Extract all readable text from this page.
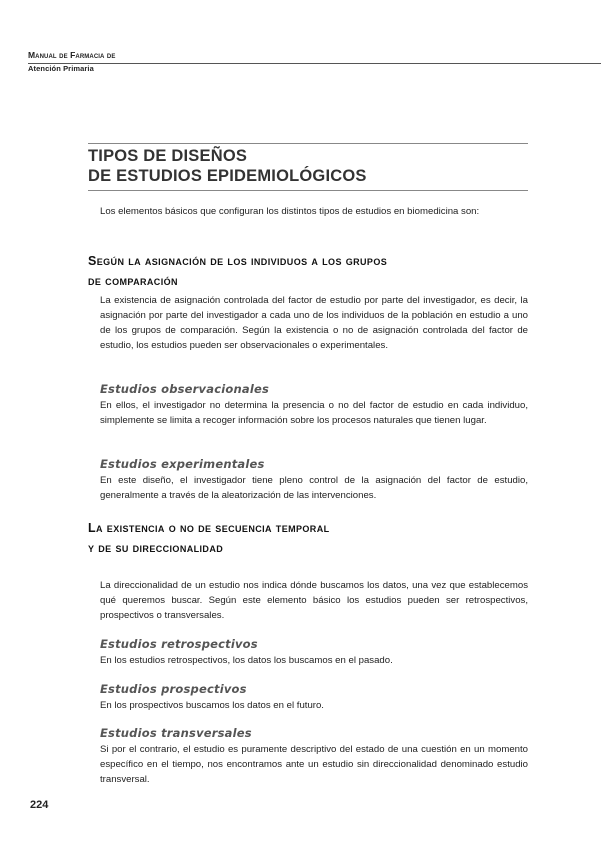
Manual de Farmacia de
Atención Primaria
TIPOS DE DISEÑOS
DE ESTUDIOS EPIDEMIOLÓGICOS
Los elementos básicos que configuran los distintos tipos de estudios en biomedicina son:
Según la asignación de los individuos a los grupos
de comparación
La existencia de asignación controlada del factor de estudio por parte del investigador, es decir, la asignación por parte del investigador a cada uno de los individuos de la población en estudio a uno de los grupos de comparación. Según la existencia o no de asignación controlada del factor de estudio, los estudios pueden ser observacionales o experimentales.
Estudios observacionales
En ellos, el investigador no determina la presencia o no del factor de estudio en cada individuo, simplemente se limita a recoger información sobre los procesos naturales que tienen lugar.
Estudios experimentales
En este diseño, el investigador tiene pleno control de la asignación del factor de estudio, generalmente a través de la aleatorización de las intervenciones.
La existencia o no de secuencia temporal
y de su direccionalidad
La direccionalidad de un estudio nos indica dónde buscamos los datos, una vez que establecemos qué queremos buscar. Según este elemento básico los estudios pueden ser retrospectivos, prospectivos o transversales.
Estudios retrospectivos
En los estudios retrospectivos, los datos los buscamos en el pasado.
Estudios prospectivos
En los prospectivos buscamos los datos en el futuro.
Estudios transversales
Si por el contrario, el estudio es puramente descriptivo del estado de una cuestión en un momento específico en el tiempo, nos encontramos ante un estudio sin direccionalidad denominado estudio transversal.
224
